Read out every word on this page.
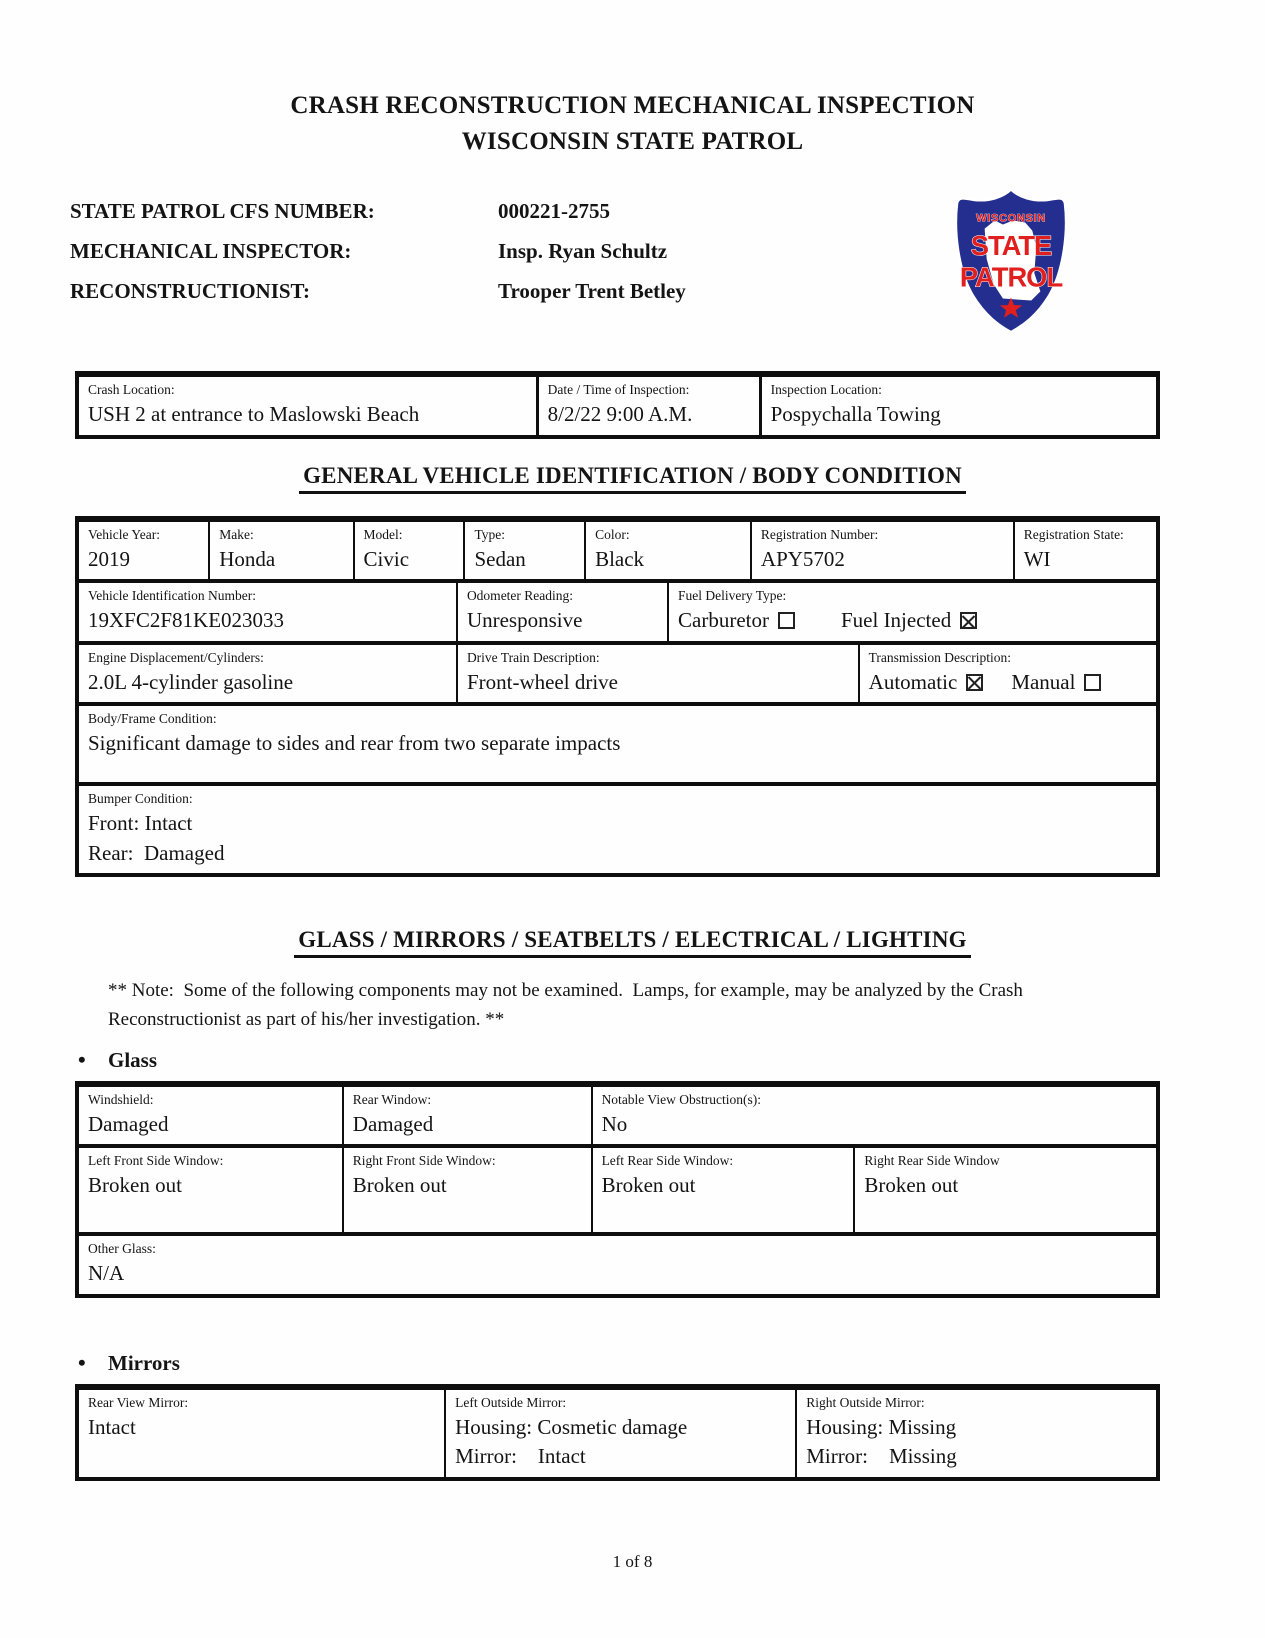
CRASH RECONSTRUCTION MECHANICAL INSPECTION
WISCONSIN STATE PATROL
STATE PATROL CFS NUMBER:	000221-2755
MECHANICAL INSPECTOR:	Insp. Ryan Schultz
RECONSTRUCTIONIST:	Trooper Trent Betley
WISCONSIN
STATE
PATROL
Crash Location:
USH 2 at entrance to Maslowski Beach
Date / Time of Inspection:
8/2/22 9:00 A.M.
Inspection Location:
Pospychalla Towing
GENERAL VEHICLE IDENTIFICATION / BODY CONDITION
Vehicle Year:
2019
Make:
Honda
Model:
Civic
Type:
Sedan
Color:
Black
Registration Number:
APY5702
Registration State:
WI
Vehicle Identification Number:
19XFC2F81KE023033
Odometer Reading:
Unresponsive
Fuel Delivery Type:
Carburetor	Fuel Injected
Engine Displacement/Cylinders:
2.0L 4-cylinder gasoline
Drive Train Description:
Front-wheel drive
Transmission Description:
Automatic	Manual
Body/Frame Condition:
Significant damage to sides and rear from two separate impacts
Bumper Condition:
Front: Intact
Rear:  Damaged
GLASS / MIRRORS / SEATBELTS / ELECTRICAL / LIGHTING
** Note:  Some of the following components may not be examined.  Lamps, for example, may be analyzed by the Crash Reconstructionist as part of his/her investigation. **
•	Glass
Windshield:
Damaged
Rear Window:
Damaged
Notable View Obstruction(s):
No
Left Front Side Window:
Broken out
Right Front Side Window:
Broken out
Left Rear Side Window:
Broken out
Right Rear Side Window
Broken out
Other Glass:
N/A
•	Mirrors
Rear View Mirror:
Intact
Left Outside Mirror:
Housing: Cosmetic damage
Mirror:    Intact
Right Outside Mirror:
Housing: Missing
Mirror:    Missing
1 of 8
